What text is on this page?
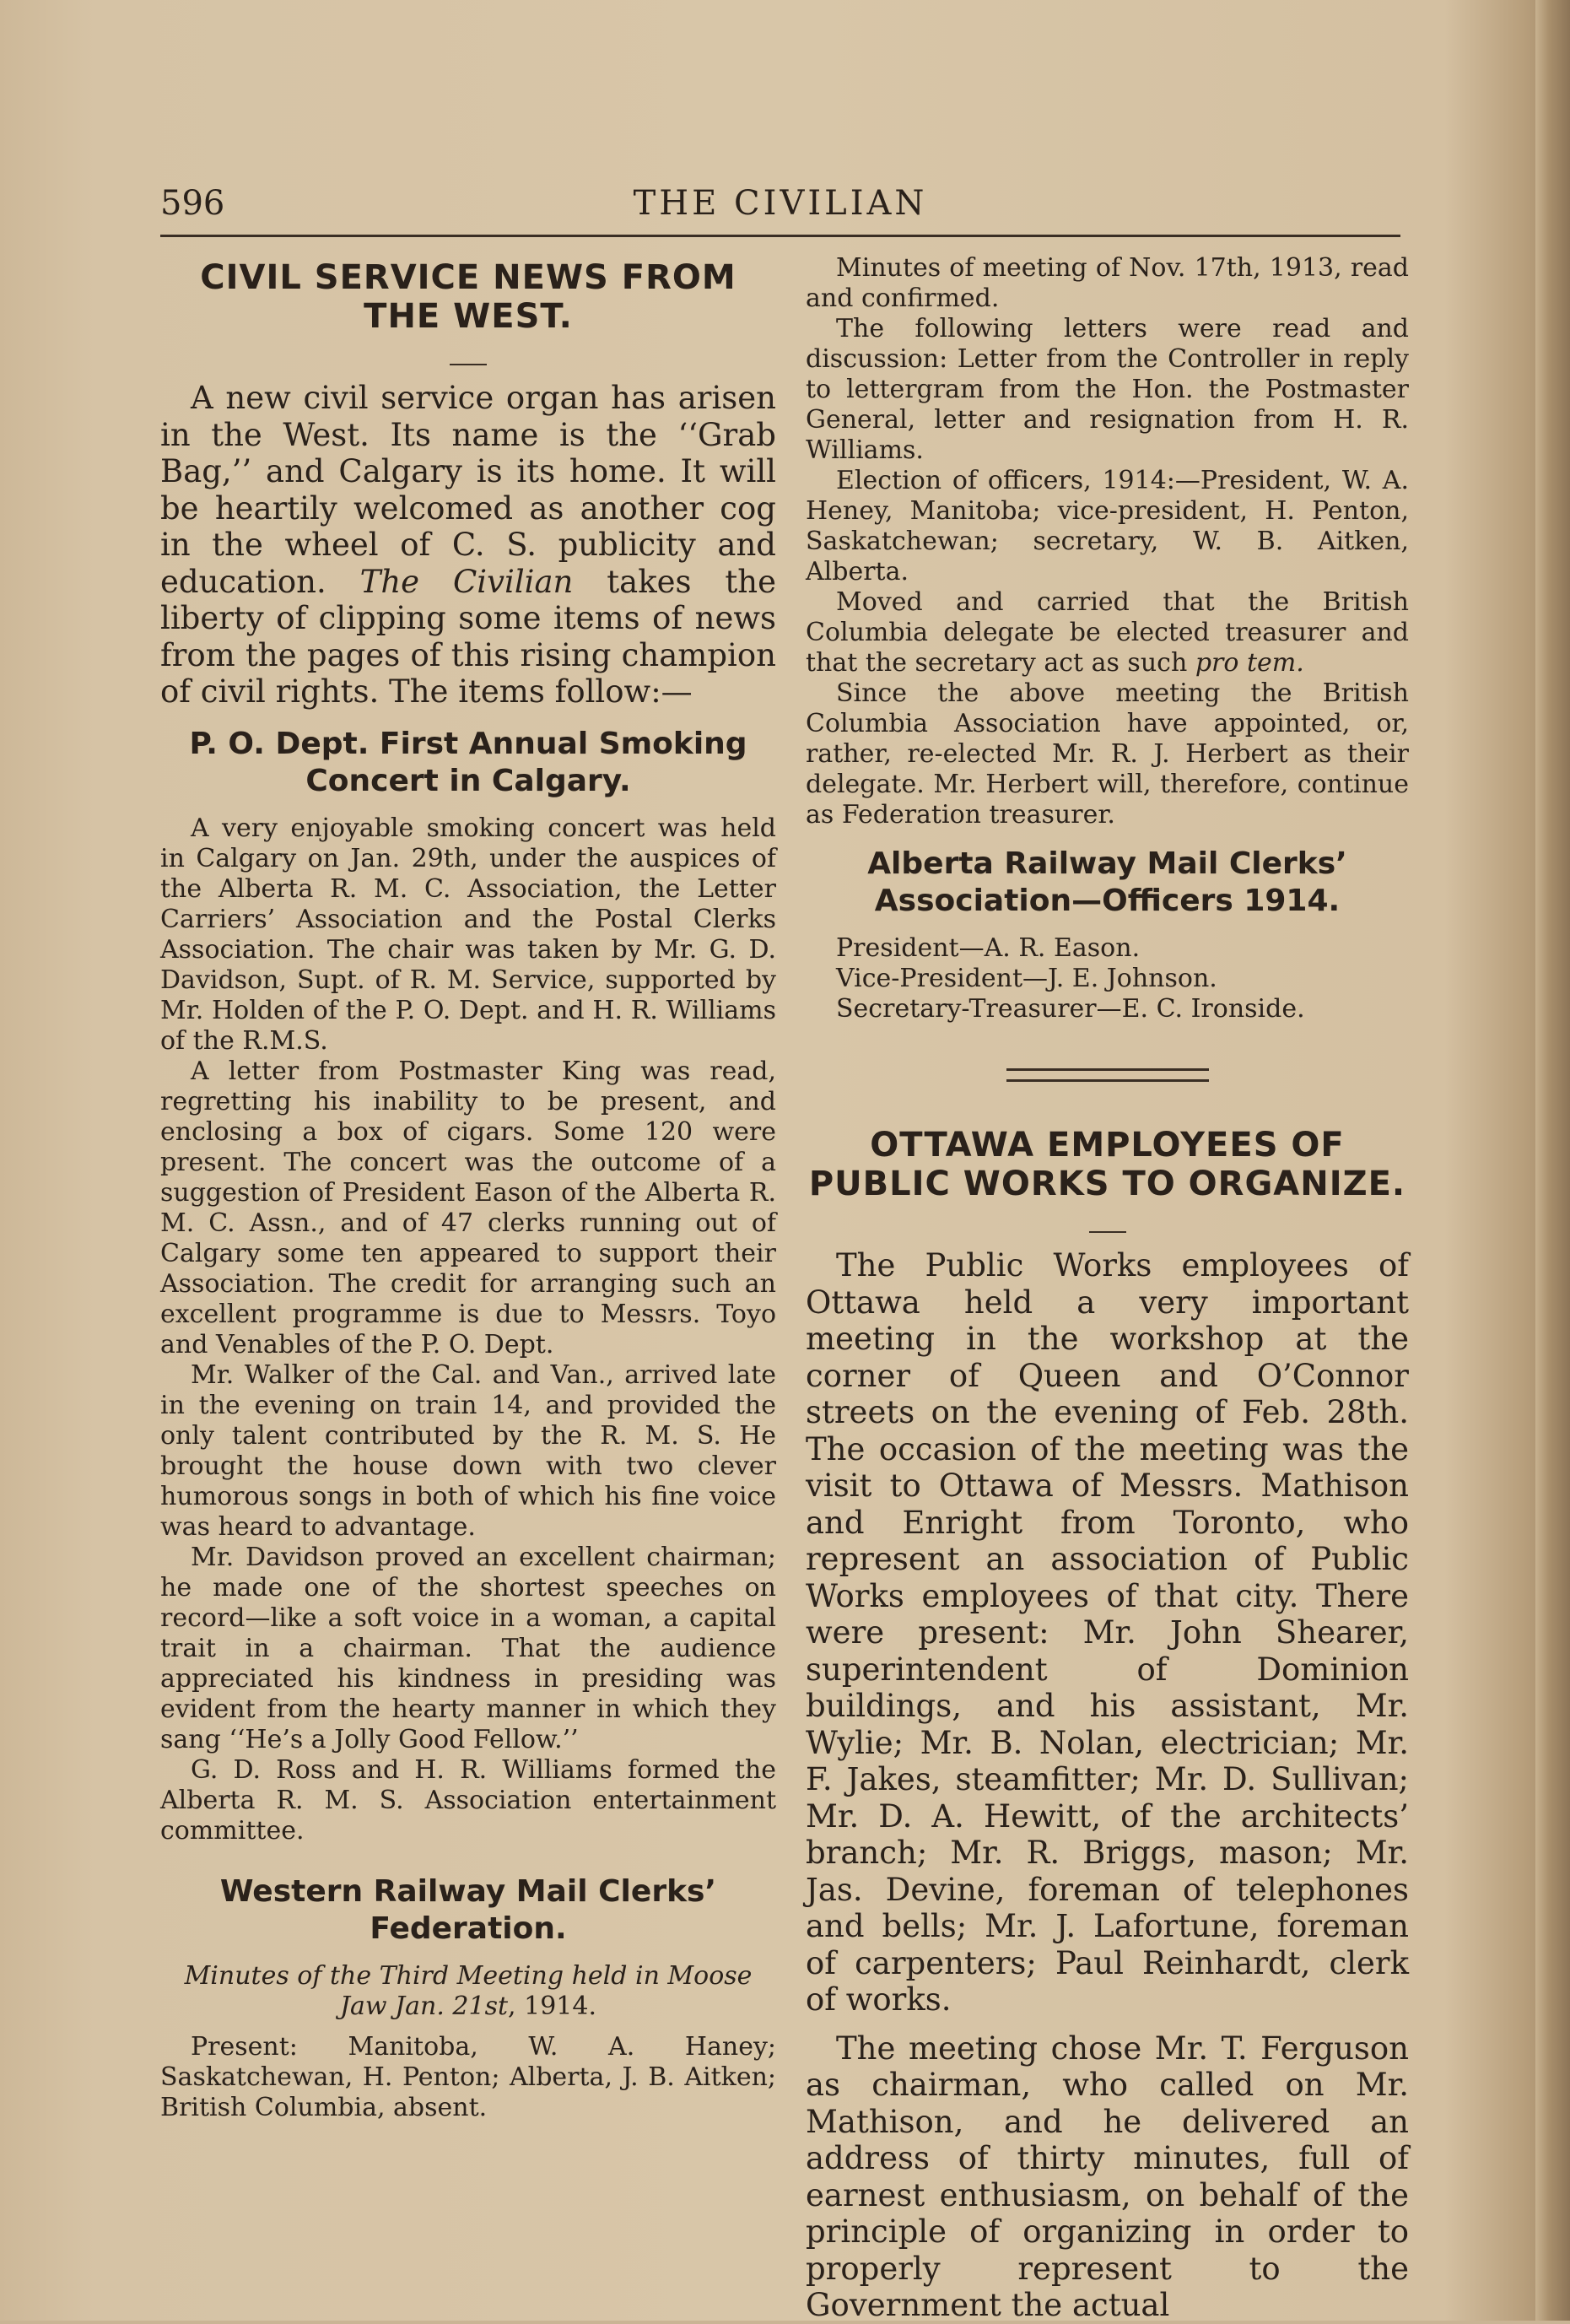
596	THE CIVILIAN
CIVIL SERVICE NEWS FROM THE WEST.

A new civil service organ has arisen in the West. Its name is the ‘‘Grab Bag,’’ and Calgary is its home. It will be heartily welcomed as another cog in the wheel of C. S. publicity and education. The Civilian takes the liberty of clipping some items of news from the pages of this rising champion of civil rights. The items follow:—

P. O. Dept. First Annual Smoking Concert in Calgary.

A very enjoyable smoking concert was held in Calgary on Jan. 29th, under the auspices of the Alberta R. M. C. Association, the Letter Carriers’ Association and the Postal Clerks Association. The chair was taken by Mr. G. D. Davidson, Supt. of R. M. Service, supported by Mr. Holden of the P. O. Dept. and H. R. Williams of the R.M.S.

A letter from Postmaster King was read, regretting his inability to be present, and enclosing a box of cigars. Some 120 were present. The concert was the outcome of a suggestion of President Eason of the Alberta R. M. C. Assn., and of 47 clerks running out of Calgary some ten appeared to support their Association. The credit for arranging such an excellent programme is due to Messrs. Toyo and Venables of the P. O. Dept.

Mr. Walker of the Cal. and Van., arrived late in the evening on train 14, and provided the only talent contributed by the R. M. S. He brought the house down with two clever humorous songs in both of which his fine voice was heard to advantage.

Mr. Davidson proved an excellent chairman; he made one of the shortest speeches on record—like a soft voice in a woman, a capital trait in a chairman. That the audience appreciated his kindness in presiding was evident from the hearty manner in which they sang ‘‘He’s a Jolly Good Fellow.’’

G. D. Ross and H. R. Williams formed the Alberta R. M. S. Association entertainment committee.

Western Railway Mail Clerks’ Federation.

Minutes of the Third Meeting held in Moose Jaw Jan. 21st, 1914.

Present: Manitoba, W. A. Haney; Saskatchewan, H. Penton; Alberta, J. B. Aitken; British Columbia, absent.

Minutes of meeting of Nov. 17th, 1913, read and confirmed.

The following letters were read and discussion: Letter from the Controller in reply to lettergram from the Hon. the Postmaster General, letter and resignation from H. R. Williams.

Election of officers, 1914:—President, W. A. Heney, Manitoba; vice-president, H. Penton, Saskatchewan; secretary, W. B. Aitken, Alberta.

Moved and carried that the British Columbia delegate be elected treasurer and that the secretary act as such pro tem.

Since the above meeting the British Columbia Association have appointed, or, rather, re-elected Mr. R. J. Herbert as their delegate. Mr. Herbert will, therefore, continue as Federation treasurer.

Alberta Railway Mail Clerks’ Association—Officers 1914.

President—A. R. Eason.

Vice-President—J. E. Johnson.

Secretary-Treasurer—E. C. Ironside.

OTTAWA EMPLOYEES OF PUBLIC WORKS TO ORGANIZE.

The Public Works employees of Ottawa held a very important meeting in the workshop at the corner of Queen and O’Connor streets on the evening of Feb. 28th. The occasion of the meeting was the visit to Ottawa of Messrs. Mathison and Enright from Toronto, who represent an association of Public Works employees of that city. There were present: Mr. John Shearer, superintendent of Dominion buildings, and his assistant, Mr. Wylie; Mr. B. Nolan, electrician; Mr. F. Jakes, steamfitter; Mr. D. Sullivan; Mr. D. A. Hewitt, of the architects’ branch; Mr. R. Briggs, mason; Mr. Jas. Devine, foreman of telephones and bells; Mr. J. Lafortune, foreman of carpenters; Paul Reinhardt, clerk of works.

The meeting chose Mr. T. Ferguson as chairman, who called on Mr. Mathison, and he delivered an address of thirty minutes, full of earnest enthusiasm, on behalf of the principle of organizing in order to properly represent to the Government the actual
